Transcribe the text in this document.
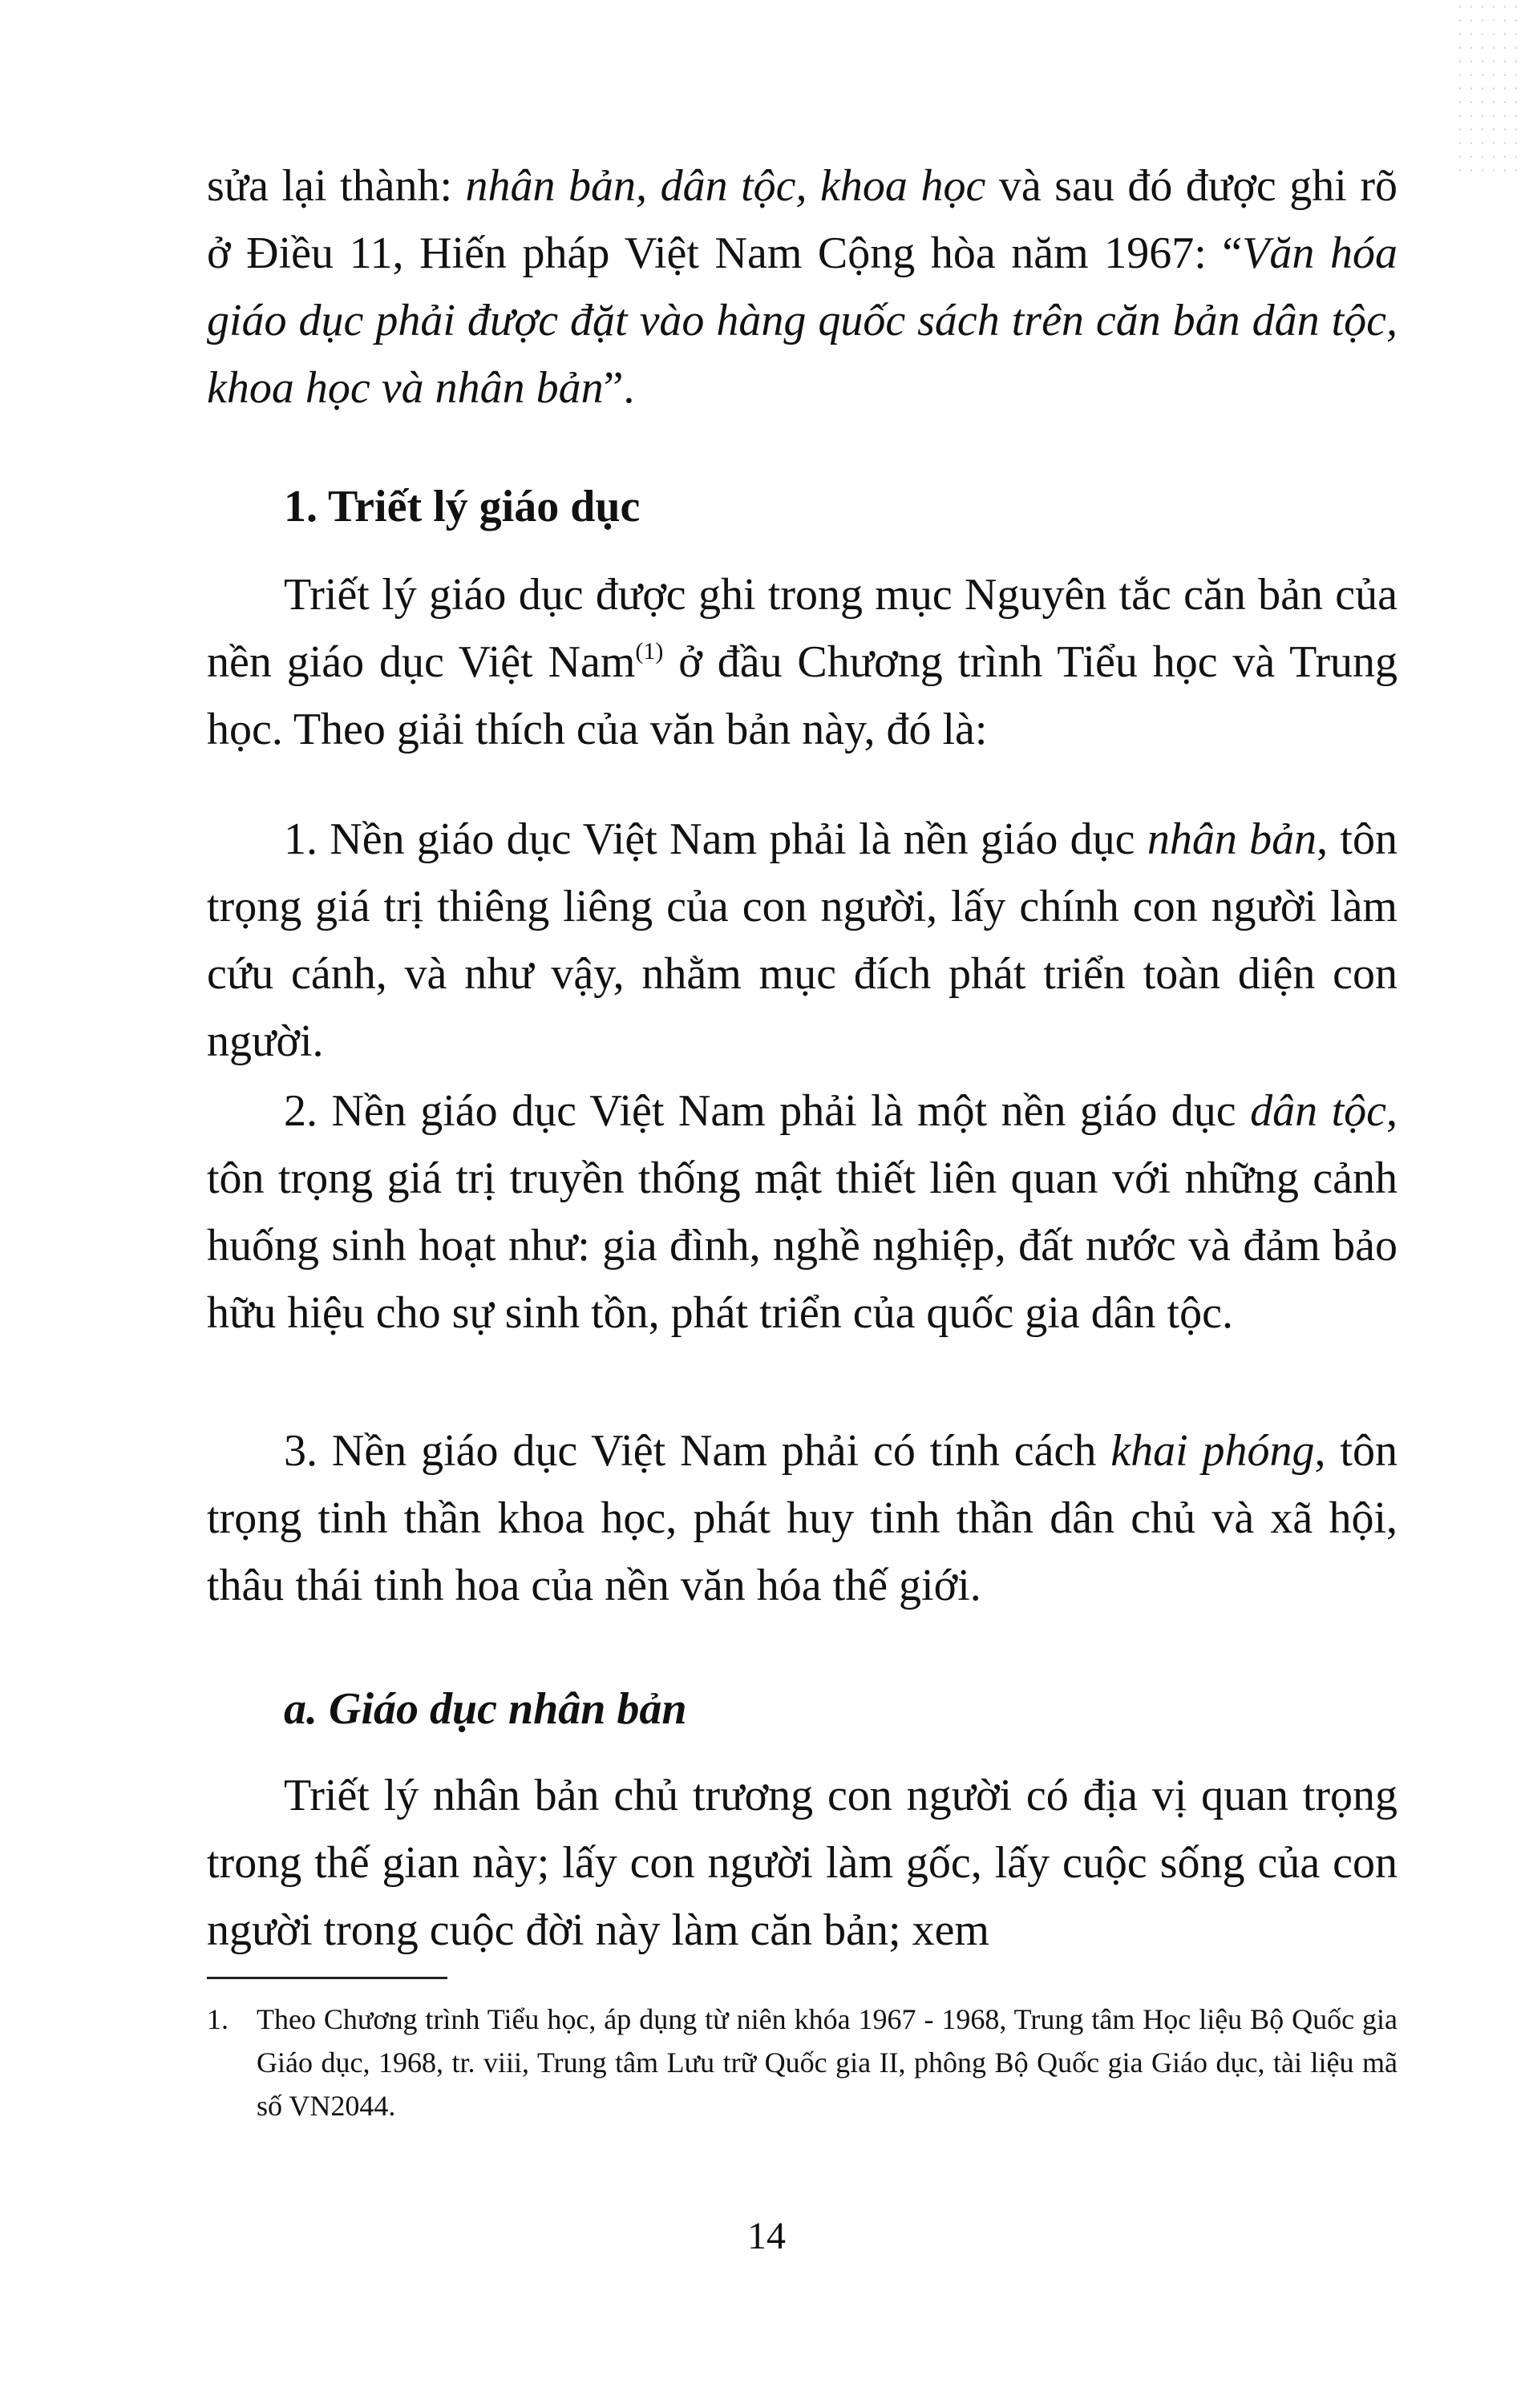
sửa lại thành: nhân bản, dân tộc, khoa học và sau đó được ghi rõ ở Điều 11, Hiến pháp Việt Nam Cộng hòa năm 1967: “Văn hóa giáo dục phải được đặt vào hàng quốc sách trên căn bản dân tộc, khoa học và nhân bản”.

1. Triết lý giáo dục

Triết lý giáo dục được ghi trong mục Nguyên tắc căn bản của nền giáo dục Việt Nam$^{(1)}$ ở đầu Chương trình Tiểu học và Trung học. Theo giải thích của văn bản này, đó là:

1. Nền giáo dục Việt Nam phải là nền giáo dục nhân bản, tôn trọng giá trị thiêng liêng của con người, lấy chính con người làm cứu cánh, và như vậy, nhằm mục đích phát triển toàn diện con người.

2. Nền giáo dục Việt Nam phải là một nền giáo dục dân tộc, tôn trọng giá trị truyền thống mật thiết liên quan với những cảnh huống sinh hoạt như: gia đình, nghề nghiệp, đất nước và đảm bảo hữu hiệu cho sự sinh tồn, phát triển của quốc gia dân tộc.

3. Nền giáo dục Việt Nam phải có tính cách khai phóng, tôn trọng tinh thần khoa học, phát huy tinh thần dân chủ và xã hội, thâu thái tinh hoa của nền văn hóa thế giới.

a. Giáo dục nhân bản

Triết lý nhân bản chủ trương con người có địa vị quan trọng trong thế gian này; lấy con người làm gốc, lấy cuộc sống của con người trong cuộc đời này làm căn bản; xem

1. Theo Chương trình Tiểu học, áp dụng từ niên khóa 1967 - 1968, Trung tâm Học liệu Bộ Quốc gia Giáo dục, 1968, tr. viii, Trung tâm Lưu trữ Quốc gia II, phông Bộ Quốc gia Giáo dục, tài liệu mã số VN2044.

14
